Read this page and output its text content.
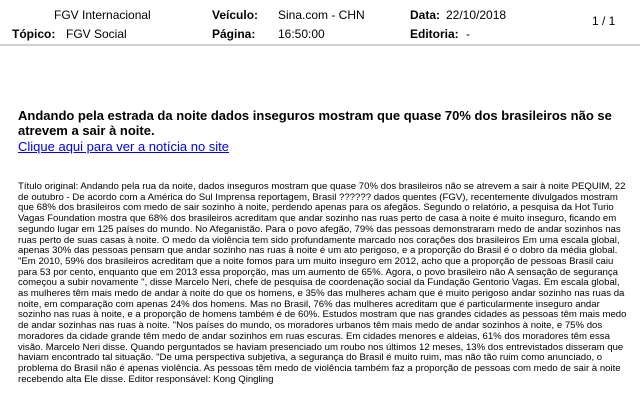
FGV Internacional
Tópico: FGV Social
Veículo: Sina.com - CHN
Página: 16:50:00
Data: 22/10/2018
Editoria: -
1 / 1
Andando pela estrada da noite dados inseguros mostram que quase 70% dos brasileiros não se atrevem a sair à noite.
Clique aqui para ver a notícia no site

Título original: Andando pela rua da noite, dados inseguros mostram que quase 70% dos brasileiros não se atrevem a sair à noite PEQUIM, 22 de outubro - De acordo com a América do Sul Imprensa reportagem, Brasil ?????? dados quentes (FGV), recentemente divulgados mostram que 68% dos brasileiros com medo de sair sozinho à noite, perdendo apenas para os afegãos. Segundo o relatório, a pesquisa da Hot Turio Vagas Foundation mostra que 68% dos brasileiros acreditam que andar sozinho nas ruas perto de casa à noite é muito inseguro, ficando em segundo lugar em 125 países do mundo. No Afeganistão. Para o povo afegão, 79% das pessoas demonstraram medo de andar sozinhos nas ruas perto de suas casas à noite. O medo da violência tem sido profundamente marcado nos corações dos brasileiros Em uma escala global, apenas 30% das pessoas pensam que andar sozinho nas ruas à noite é um ato perigoso, e a proporção do Brasil é o dobro da média global.

"Em 2010, 59% dos brasileiros acreditam que a noite fomos para um muito inseguro em 2012, acho que a proporção de pessoas Brasil caiu para 53 por cento, enquanto que em 2013 essa proporção, mas um aumento de 65%. Agora, o povo brasileiro não A sensação de segurança começou a subir novamente ", disse Marcelo Neri, chefe de pesquisa de coordenação social da Fundação Gentorio Vagas. Em escala global, as mulheres têm mais medo de andar à noite do que os homens, e 35% das mulheres acham que é muito perigoso andar sozinho nas ruas da noite, em comparação com apenas 24% dos homens. Mas no Brasil, 76% das mulheres acreditam que é particularmente inseguro andar sozinho nas ruas à noite, e a proporção de homens também é de 60%. Estudos mostram que nas grandes cidades as pessoas têm mais medo de andar sozinhas nas ruas à noite. "Nos países do mundo, os moradores urbanos têm mais medo de andar sozinhos à noite, e 75% dos moradores da cidade grande têm medo de andar sozinhos em ruas escuras. Em cidades menores e aldeias, 61% dos moradores têm essa visão. Marcelo Neri disse. Quando perguntados se haviam presenciado um roubo nos últimos 12 meses, 13% dos entrevistados disseram que haviam encontrado tal situação. "De uma perspectiva subjetiva, a segurança do Brasil é muito ruim, mas não tão ruim como anunciado, o problema do Brasil não é apenas violência. As pessoas têm medo de violência também faz a proporção de pessoas com medo de sair à noite recebendo alta Ele disse. Editor responsável: Kong Qingling
